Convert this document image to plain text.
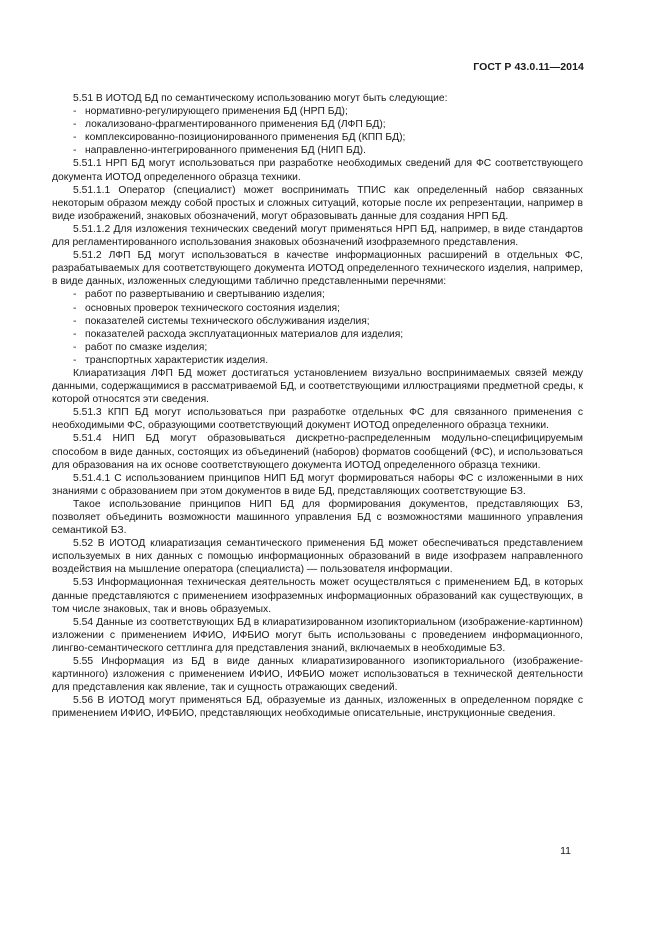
ГОСТ Р 43.0.11—2014
5.51 В ИОТОД БД по семантическому использованию могут быть следующие:
- нормативно-регулирующего применения БД (НРП БД);
- локализовано-фрагментированного применения БД (ЛФП БД);
- комплексированно-позиционированного применения БД (КПП БД);
- направленно-интегрированного применения БД (НИП БД).
5.51.1 НРП БД могут использоваться при разработке необходимых сведений для ФС соответствующего документа ИОТОД определенного образца техники.
5.51.1.1 Оператор (специалист) может воспринимать ТПИС как определенный набор связанных некоторым образом между собой простых и сложных ситуаций, которые после их репрезентации, например в виде изображений, знаковых обозначений, могут образовывать данные для создания НРП БД.
5.51.1.2 Для изложения технических сведений могут применяться НРП БД, например, в виде стандартов для регламентированного использования знаковых обозначений изофраземного представления.
5.51.2 ЛФП БД могут использоваться в качестве информационных расширений в отдельных ФС, разрабатываемых для соответствующего документа ИОТОД определенного технического изделия, например, в виде данных, изложенных следующими таблично представленными перечнями:
- работ по развертыванию и свертыванию изделия;
- основных проверок технического состояния изделия;
- показателей системы технического обслуживания изделия;
- показателей расхода эксплуатационных материалов для изделия;
- работ по смазке изделия;
- транспортных характеристик изделия.
Клиаратизация ЛФП БД может достигаться установлением визуально воспринимаемых связей между данными, содержащимися в рассматриваемой БД, и соответствующими иллюстрациями предметной среды, к которой относятся эти сведения.
5.51.3 КПП БД могут использоваться при разработке отдельных ФС для связанного применения с необходимыми ФС, образующими соответствующий документ ИОТОД определенного образца техники.
5.51.4 НИП БД могут образовываться дискретно-распределенным модульно-специфицируемым способом в виде данных, состоящих из объединений (наборов) форматов сообщений (ФС), и использоваться для образования на их основе соответствующего документа ИОТОД определенного образца техники.
5.51.4.1 С использованием принципов НИП БД могут формироваться наборы ФС с изложенными в них знаниями с образованием при этом документов в виде БД, представляющих соответствующие БЗ.
Такое использование принципов НИП БД для формирования документов, представляющих БЗ, позволяет объединить возможности машинного управления БД с возможностями машинного управления семантикой БЗ.
5.52 В ИОТОД клиаратизация семантического применения БД может обеспечиваться представлением используемых в них данных с помощью информационных образований в виде изофразем направленного воздействия на мышление оператора (специалиста) — пользователя информации.
5.53 Информационная техническая деятельность может осуществляться с применением БД, в которых данные представляются с применением изофраземных информационных образований как существующих, в том числе знаковых, так и вновь образуемых.
5.54 Данные из соответствующих БД в клиаратизированном изопикториальном (изображение-картинном) изложении с применением ИФИО, ИФБИО могут быть использованы с проведением информационного, лингво-семантического сеттлинга для представления знаний, включаемых в необходимые БЗ.
5.55 Информация из БД в виде данных клиаратизированного изопикториального (изображение-картинного) изложения с применением ИФИО, ИФБИО может использоваться в технической деятельности для представления как явление, так и сущность отражающих сведений.
5.56 В ИОТОД могут применяться БД, образуемые из данных, изложенных в определенном порядке с применением ИФИО, ИФБИО, представляющих необходимые описательные, инструкционные сведения.
11
